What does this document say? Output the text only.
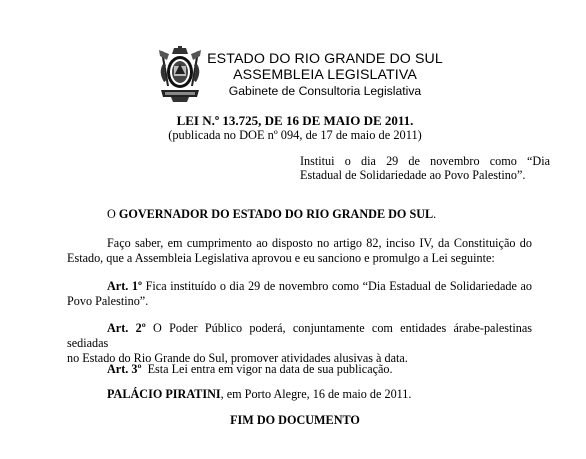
ESTADO DO RIO GRANDE DO SUL
ASSEMBLEIA LEGISLATIVA
Gabinete de Consultoria Legislativa
LEI N.º 13.725, DE 16 DE MAIO DE 2011.
(publicada no DOE nº 094, de 17 de maio de 2011)
Institui o dia 29 de novembro como “Dia
Estadual de Solidariedade ao Povo Palestino”.
O GOVERNADOR DO ESTADO DO RIO GRANDE DO SUL.
Faço saber, em cumprimento ao disposto no artigo 82, inciso IV, da Constituição do
Estado, que a Assembleia Legislativa aprovou e eu sanciono e promulgo a Lei seguinte:
Art. 1º Fica instituído o dia 29 de novembro como “Dia Estadual de Solidariedade ao
Povo Palestino”.
Art. 2º O Poder Público poderá, conjuntamente com entidades árabe-palestinas sediadas
no Estado do Rio Grande do Sul, promover atividades alusivas à data.
Art. 3º  Esta Lei entra em vigor na data de sua publicação.
PALÁCIO PIRATINI, em Porto Alegre, 16 de maio de 2011.
FIM DO DOCUMENTO
